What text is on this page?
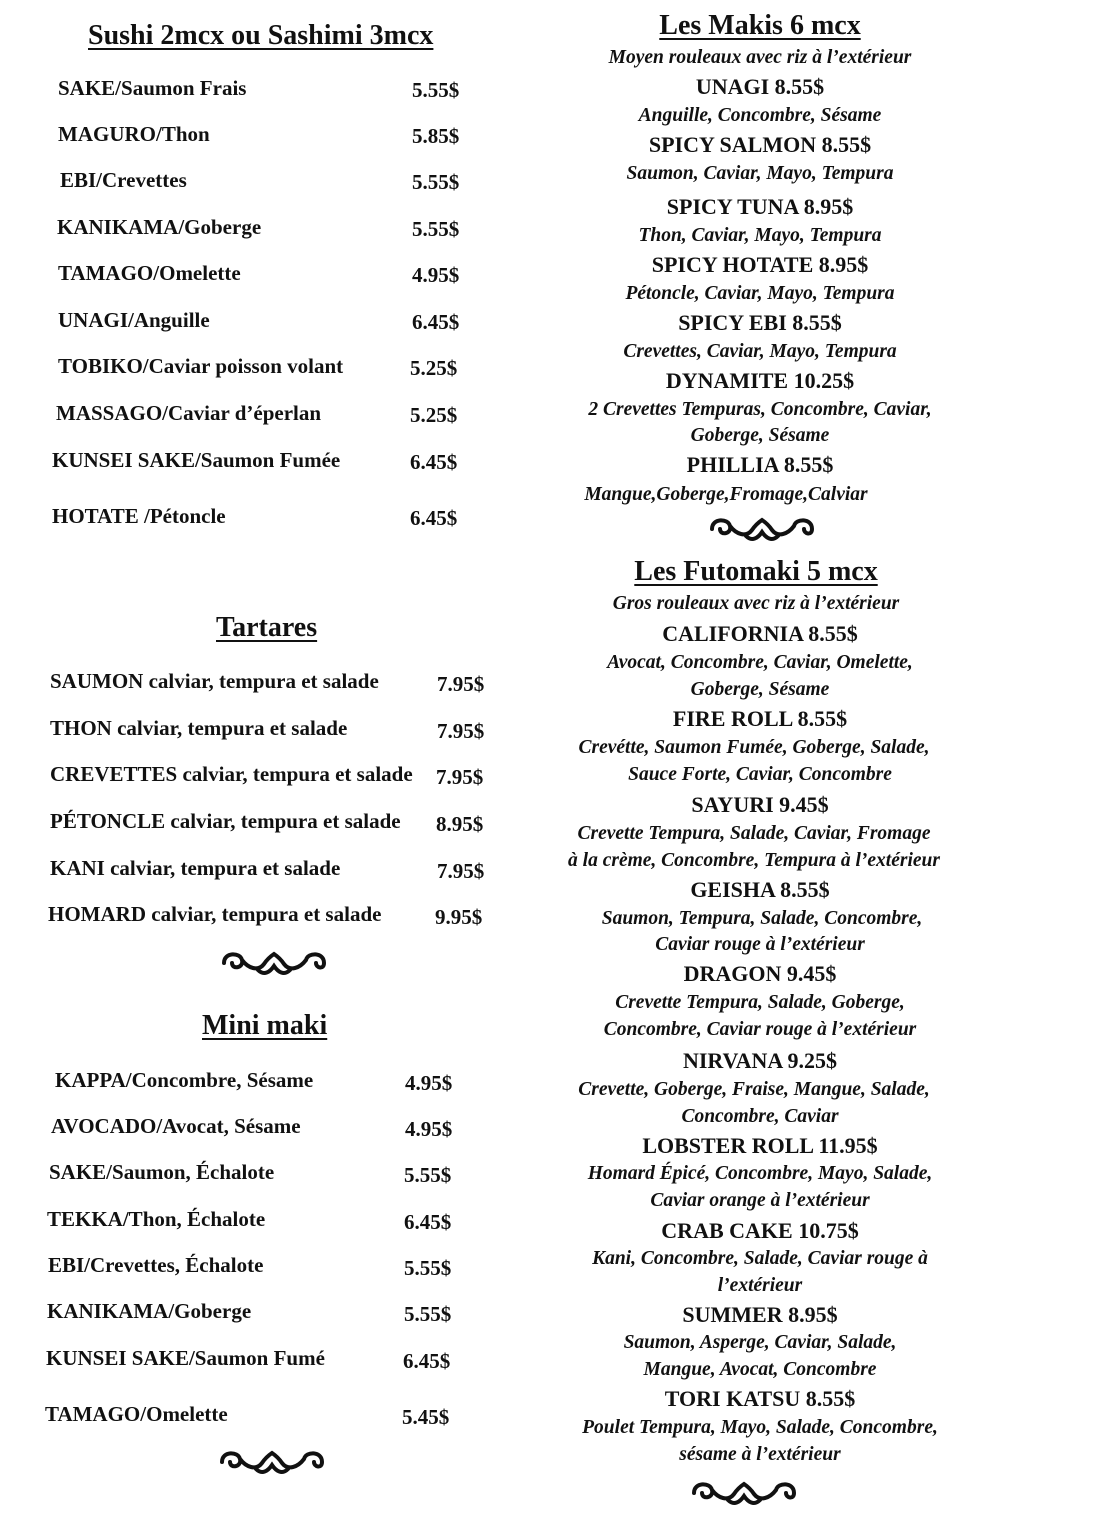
Sushi 2mcx ou Sashimi 3mcx
SAKE/Saumon Frais	5.55$
MAGURO/Thon	5.85$
EBI/Crevettes	5.55$
KANIKAMA/Goberge	5.55$
TAMAGO/Omelette	4.95$
UNAGI/Anguille	6.45$
TOBIKO/Caviar poisson volant	5.25$
MASSAGO/Caviar d’éperlan	5.25$
KUNSEI SAKE/Saumon Fumée	6.45$
HOTATE /Pétoncle	6.45$
Tartares
SAUMON calviar, tempura et salade	7.95$
THON calviar, tempura et salade	7.95$
CREVETTES calviar, tempura et salade 7.95$
PÉTONCLE calviar, tempura et salade 8.95$
KANI calviar, tempura et salade	7.95$
HOMARD calviar, tempura et salade	9.95$
Mini maki
KAPPA/Concombre, Sésame	4.95$
AVOCADO/Avocat, Sésame	4.95$
SAKE/Saumon, Échalote	5.55$
TEKKA/Thon, Échalote	6.45$
EBI/Crevettes, Échalote	5.55$
KANIKAMA/Goberge	5.55$
KUNSEI SAKE/Saumon Fumé	6.45$
TAMAGO/Omelette	5.45$
Les Makis 6 mcx
Moyen rouleaux avec riz à l’extérieur
UNAGI 8.55$
Anguille, Concombre, Sésame
SPICY SALMON 8.55$
Saumon, Caviar, Mayo, Tempura
SPICY TUNA 8.95$
Thon, Caviar, Mayo, Tempura
SPICY HOTATE 8.95$
Pétoncle, Caviar, Mayo, Tempura
SPICY EBI 8.55$
Crevettes, Caviar, Mayo, Tempura
DYNAMITE 10.25$
2 Crevettes Tempuras, Concombre, Caviar,
Goberge, Sésame
PHILLIA 8.55$
Mangue,Goberge,Fromage,Calviar
Les Futomaki 5 mcx
Gros rouleaux avec riz à l’extérieur
CALIFORNIA 8.55$
Avocat, Concombre, Caviar, Omelette,
Goberge, Sésame
FIRE ROLL 8.55$
Crevétte, Saumon Fumée, Goberge, Salade,
Sauce Forte, Caviar, Concombre
SAYURI 9.45$
Crevette Tempura, Salade, Caviar, Fromage
à la crème, Concombre, Tempura à l’extérieur
GEISHA 8.55$
Saumon, Tempura, Salade, Concombre,
Caviar rouge à l’extérieur
DRAGON 9.45$
Crevette Tempura, Salade, Goberge,
Concombre, Caviar rouge à l’extérieur
NIRVANA 9.25$
Crevette, Goberge, Fraise, Mangue, Salade,
Concombre, Caviar
LOBSTER ROLL 11.95$
Homard Épicé, Concombre, Mayo, Salade,
Caviar orange à l’extérieur
CRAB CAKE 10.75$
Kani, Concombre, Salade, Caviar rouge à
l’extérieur
SUMMER 8.95$
Saumon, Asperge, Caviar, Salade,
Mangue, Avocat, Concombre
TORI KATSU 8.55$
Poulet Tempura, Mayo, Salade, Concombre,
sésame à l’extérieur
